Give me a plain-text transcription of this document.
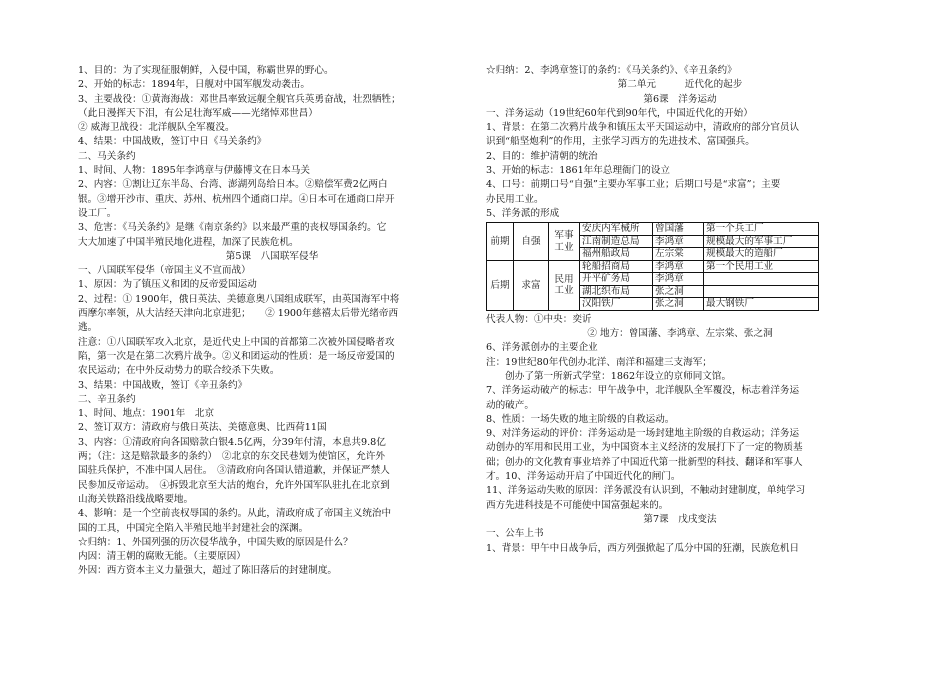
1、目的：为了实现征服朝鲜，入侵中国，称霸世界的野心。
2、开始的标志：1894年，日舰对中国军舰发动袭击。
3、主要战役：①黄海海战：邓世昌率致远舰全舰官兵英勇奋战，壮烈牺牲；
（此日漫挥天下泪，有公足壮海军威——光绪悼邓世昌）
② 威海卫战役：北洋舰队全军覆没。
4、结果：中国战败，签订中日《马关条约》
二、马关条约
1、时间、人物：1895年李鸿章与伊藤博文在日本马关
2、内容：①割让辽东半岛、台湾、澎湖列岛给日本。②赔偿军费2亿两白
银。③增开沙市、重庆、苏州、杭州四个通商口岸。④日本可在通商口岸开
设工厂。
3、危害：《马关条约》是继《南京条约》以来最严重的丧权辱国条约。它
大大加速了中国半殖民地化进程，加深了民族危机。
第5课　八国联军侵华
一、八国联军侵华（帝国主义不宣而战）
1、原因：为了镇压义和团的反帝爱国运动
2、过程：① 1900年，俄日英法、美德意奥八国组成联军，由英国海军中将
西摩尔率领，从大沽经天津向北京进犯；　　② 1900年慈禧太后带光绪帝西
逃。
注意：①八国联军攻入北京，是近代史上中国的首都第二次被外国侵略者攻
陷，第一次是在第二次鸦片战争。②义和团运动的性质：是一场反帝爱国的
农民运动；在中外反动势力的联合绞杀下失败。
3、结果：中国战败，签订《辛丑条约》
二、辛丑条约
1、时间、地点：1901年　北京
2、签订双方：清政府与俄日英法、美德意奥、比西荷11国
3、内容：①清政府向各国赔款白银4.5亿两，分39年付清，本息共9.8亿
两；（注：这是赔款最多的条约）　②北京的东交民巷划为使馆区，允许外
国驻兵保护，不准中国人居住。　③清政府向各国认错道歉，并保证严禁人
民参加反帝运动。　④拆毁北京至大沽的炮台，允许外国军队驻扎在北京到
山海关铁路沿线战略要地。
4、影响：是一个空前丧权辱国的条约。从此，清政府成了帝国主义统治中
国的工具，中国完全陷入半殖民地半封建社会的深渊。
☆归纳：1、外国列强的历次侵华战争，中国失败的原因是什么？
内因：清王朝的腐败无能。（主要原因）
外因：西方资本主义力量强大，超过了陈旧落后的封建制度。
☆归纳：2、李鸿章签订的条约：《马关条约》、《辛丑条约》
第二单元　　　近代化的起步
第6课　洋务运动
一、洋务运动（19世纪60年代到90年代，中国近代化的开始）
1、背景：在第二次鸦片战争和镇压太平天国运动中，清政府的部分官员认
识到“船坚炮利”的作用，主张学习西方的先进技术、富国强兵。
2、目的：维护清朝的统治
3、开始的标志：1861年年总理衙门的设立
4、口号：前期口号“自强”主要办军事工业；后期口号是“求富”；主要
办民用工业。
5、洋务派的形成
前期	自强	军事工业	安庆内军械所	曾国藩	第一个兵工厂
			江南制造总局	李鸿章	规模最大的军事工厂
			福州船政局	左宗棠	规模最大的造船厂
后期	求富	民用工业	轮船招商局	李鸿章	第一个民用工业
			开平矿务局	李鸿章	
			湖北织布局	张之洞	
			汉阳铁厂	张之洞	最大钢铁厂
代表人物：①中央：奕䜣
② 地方：曾国藩、李鸿章、左宗棠、张之洞
6、洋务派创办的主要企业
注：19世纪80年代创办北洋、南洋和福建三支海军；
　　创办了第一所新式学堂：1862年设立的京师同文馆。
7、洋务运动破产的标志：甲午战争中，北洋舰队全军覆没，标志着洋务运
动的破产。
8、性质：一场失败的地主阶级的自救运动。
9、对洋务运动的评价：洋务运动是一场封建地主阶级的自救运动；洋务运
动创办的军用和民用工业，为中国资本主义经济的发展打下了一定的物质基
础；创办的文化教育事业培养了中国近代第一批新型的科技、翻译和军事人
才。10、洋务运动开启了中国近代化的闸门。
11、洋务运动失败的原因：洋务派没有认识到，不触动封建制度，单纯学习
西方先进科技是不可能使中国富强起来的。
第7课　戊戌变法
一、公车上书
1、背景：甲午中日战争后，西方列强掀起了瓜分中国的狂潮，民族危机日
